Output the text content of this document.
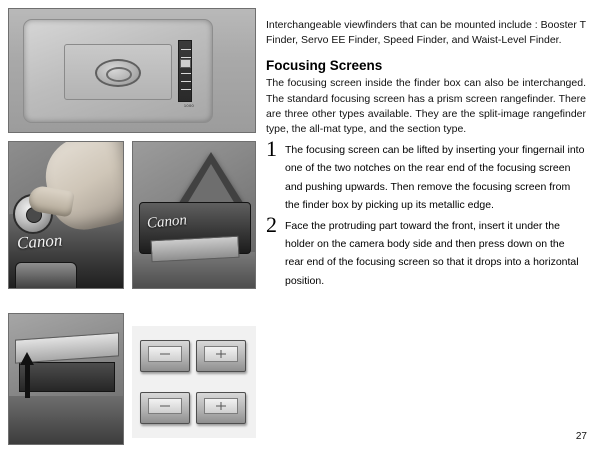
1000
Canon
Canon

Interchangeable viewfinders that can be mounted include : Booster T Finder, Servo EE Finder, Speed Finder, and Waist-Level Finder.

Focusing Screens

The focusing screen inside the finder box can also be interchanged. The standard focusing screen has a prism screen rangefinder. There are three other types available. They are the split-image rangefinder type, the all-mat type, and the section type.

1 The focusing screen can be lifted by inserting your fingernail into one of the two notches on the rear end of the focusing screen and pushing upwards. Then remove the focusing screen from the finder box by picking up its metallic edge.
2 Face the protruding part toward the front, insert it under the holder on the camera body side and then press down on the rear end of the focusing screen so that it drops into a horizontal position.
27
